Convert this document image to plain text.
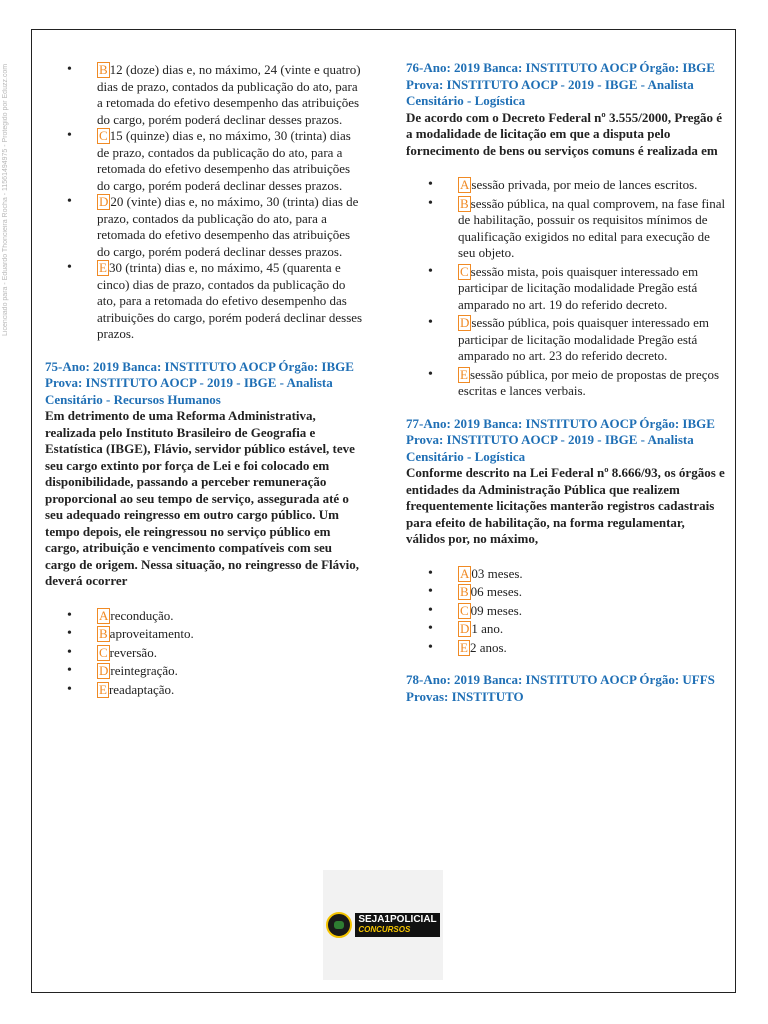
Licenciado para - Eduardo Thoncieira Rocha - 11561494975 - Protegido por Eduzz.com
•	B 12 (doze) dias e, no máximo, 24 (vinte e quatro) dias de prazo, contados da publicação do ato, para a retomada do efetivo desempenho das atribuições do cargo, porém poderá declinar desses prazos.
• C 15 (quinze) dias e, no máximo, 30 (trinta) dias de prazo, contados da publicação do ato, para a retomada do efetivo desempenho das atribuições do cargo, porém poderá declinar desses prazos.
• D 20 (vinte) dias e, no máximo, 30 (trinta) dias de prazo, contados da publicação do ato, para a retomada do efetivo desempenho das atribuições do cargo, porém poderá declinar desses prazos.
• E 30 (trinta) dias e, no máximo, 45 (quarenta e cinco) dias de prazo, contados da publicação do ato, para a retomada do efetivo desempenho das atribuições do cargo, porém poderá declinar desses prazos.
75-Ano: 2019 Banca: INSTITUTO AOCP Órgão: IBGE Prova: INSTITUTO AOCP - 2019 - IBGE - Analista Censitário - Recursos Humanos
Em detrimento de uma Reforma Administrativa, realizada pelo Instituto Brasileiro de Geografia e Estatística (IBGE), Flávio, servidor público estável, teve seu cargo extinto por força de Lei e foi colocado em disponibilidade, passando a perceber remuneração proporcional ao seu tempo de serviço, assegurada até o seu adequado reingresso em outro cargo público. Um tempo depois, ele reingressou no serviço público em cargo, atribuição e vencimento compatíveis com seu cargo de origem. Nessa situação, no reingresso de Flávio, deverá ocorrer
• A recondução.
• B aproveitamento.
• C reversão.
• D reintegração.
• E readaptação.
76-Ano: 2019 Banca: INSTITUTO AOCP Órgão: IBGE Prova: INSTITUTO AOCP - 2019 - IBGE - Analista Censitário - Logística
De acordo com o Decreto Federal nº 3.555/2000, Pregão é a modalidade de licitação em que a disputa pelo fornecimento de bens ou serviços comuns é realizada em
• A sessão privada, por meio de lances escritos.
• B sessão pública, na qual comprovem, na fase final de habilitação, possuir os requisitos mínimos de qualificação exigidos no edital para execução de seu objeto.
• C sessão mista, pois quaisquer interessado em participar de licitação modalidade Pregão está amparado no art. 19 do referido decreto.
• D sessão pública, pois quaisquer interessado em participar de licitação modalidade Pregão está amparado no art. 23 do referido decreto.
• E sessão pública, por meio de propostas de preços escritas e lances verbais.
77-Ano: 2019 Banca: INSTITUTO AOCP Órgão: IBGE Prova: INSTITUTO AOCP - 2019 - IBGE - Analista Censitário - Logística
Conforme descrito na Lei Federal nº 8.666/93, os órgãos e entidades da Administração Pública que realizem frequentemente licitações manterão registros cadastrais para efeito de habilitação, na forma regulamentar, válidos por, no máximo,
• A 03 meses.
• B 06 meses.
• C 09 meses.
• D 1 ano.
• E 2 anos.
78-Ano: 2019 Banca: INSTITUTO AOCP Órgão: UFFS Provas: INSTITUTO
SEJA1POLICIAL
CONCURSOS
